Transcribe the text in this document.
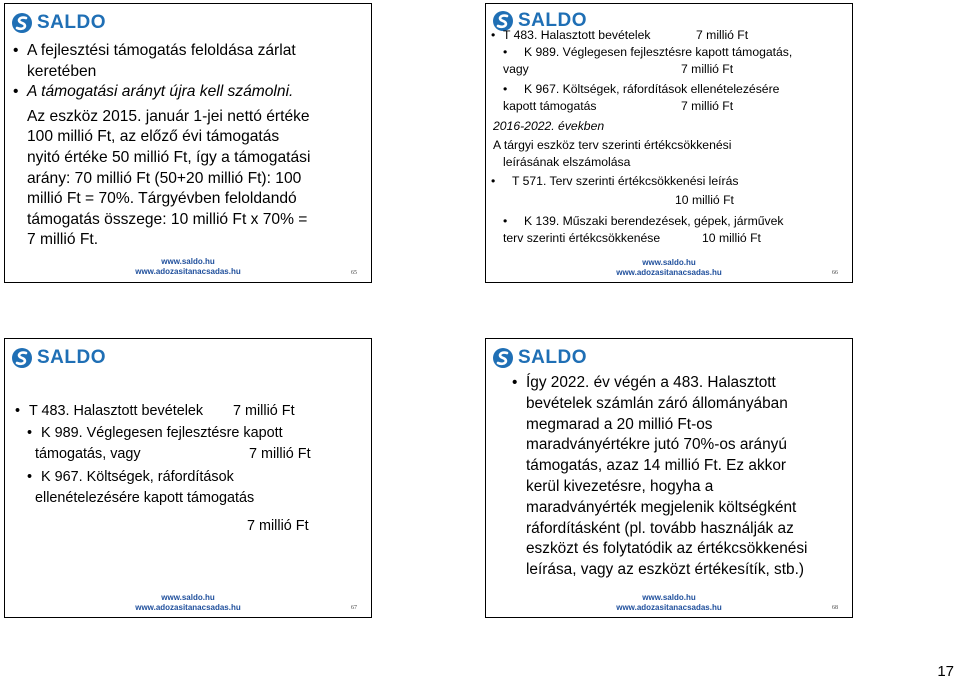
SALDO
• A fejlesztési támogatás feloldása zárlat
keretében
• A támogatási arányt újra kell számolni.
Az eszköz 2015. január 1-jei nettó értéke
100 millió Ft, az előző évi támogatás
nyitó értéke 50 millió Ft, így a támogatási
arány: 70 millió Ft (50+20 millió Ft): 100
millió Ft = 70%. Tárgyévben feloldandó
támogatás összege: 10 millió Ft x 70% =
7 millió Ft.
www.saldo.hu
www.adozasitanacsadas.hu	65
SALDO
• T 483. Halasztott bevételek	7 millió Ft
•	K 989. Véglegesen fejlesztésre kapott támogatás,
vagy	7 millió Ft
•	K 967. Költségek, ráfordítások ellenételezésére
kapott támogatás	7 millió Ft
2016-2022. években
A tárgyi eszköz terv szerinti értékcsökkenési
leírásának elszámolása
•	T 571. Terv szerinti értékcsökkenési leírás
10 millió Ft
•	K 139. Műszaki berendezések, gépek, járművek
terv szerinti értékcsökkenése	10 millió Ft
www.saldo.hu
www.adozasitanacsadas.hu	66
SALDO
• T 483. Halasztott bevételek	7 millió Ft
• K 989. Véglegesen fejlesztésre kapott
támogatás, vagy	7 millió Ft
• K 967. Költségek, ráfordítások
ellenételezésére kapott támogatás
7 millió Ft
www.saldo.hu
www.adozasitanacsadas.hu	67
SALDO
• Így 2022. év végén a 483. Halasztott
bevételek számlán záró állományában
megmarad a 20 millió Ft-os
maradványértékre jutó 70%-os arányú
támogatás, azaz 14 millió Ft. Ez akkor
kerül kivezetésre, hogyha a
maradványérték megjelenik költségként
ráfordításként (pl. tovább használják az
eszközt és folytatódik az értékcsökkenési
leírása, vagy az eszközt értékesítík, stb.)
www.saldo.hu
www.adozasitanacsadas.hu	68
17
